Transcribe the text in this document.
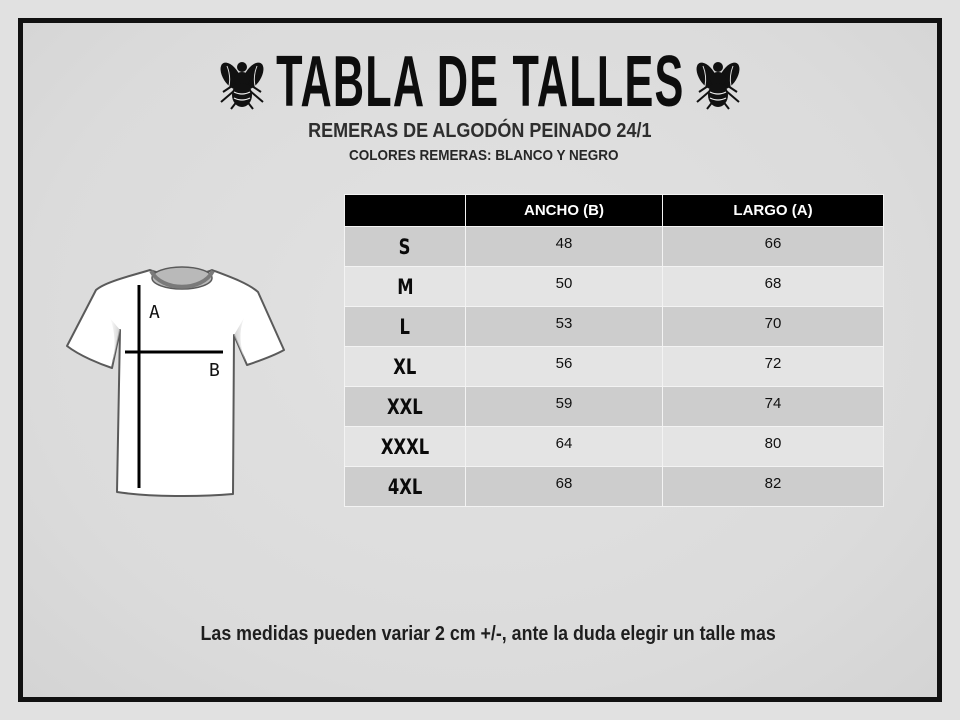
TABLA DE TALLES
REMERAS DE ALGODÓN PEINADO 24/1
COLORES REMERAS: BLANCO Y NEGRO
A
B
	ANCHO (B)	LARGO (A)
S	48	66
M	50	68
L	53	70
XL	56	72
XXL	59	74
XXXL	64	80
4XL	68	82
Las medidas pueden variar 2 cm +/-, ante la duda elegir un talle mas
